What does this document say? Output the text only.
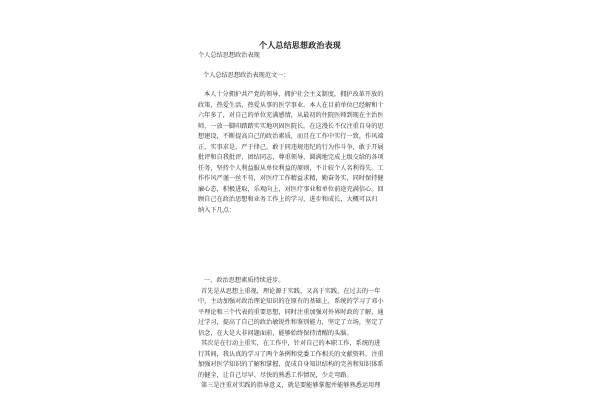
个人总结思想政治表现
个人总结思想政治表现
个人总结思想政治表现范文一：
本人十分拥护共产党的领导，拥护社会主义制度，拥护改革开放的
政策，热爱生活，热爱从事的医学事业。本人在目前单位已经解和十
六年多了，对自己的单位充满感情，从最初的住院医师到现在主治医
师，一放一脚印踏踏实实地巩固医院长。在这漫长不仅注重自身的思
想建设，不断提高自己的政治素质，而且在工作中实行一致，作风端
正，实事求是，严于律己，敢于同违规违纪的行为作斗争，敢于开展
批评和自我批评，团结同志，尊重领导，圆满地完成上级交给的各项
任务，坚持个人利益服从单位利益的原则，不计较个人名利得失。工
作作风严谨一丝不苟，对医疗工作精益求精，勤奋务实，同时保持健
廉心态，积极进取，乐观向上，对医疗事业和单位前途充满信心。回
顾自己在政治思想和业务工作上的学习，进步和成长，大概可以归
纳入下几点：
一、政治思想素质持续进步。
首先是从思想上重视，理论源于实践，又高于实践，在过去的一年
中，主动加强对政治理论知识的在原有的基础上，系统的学习了邓小
平理论和三个代表的重要思想，同时注重加强对外界时政的了解，通
过学习，提高了自己的政治敏锐性和鉴别能力，坚定了立场，坚定了
信念，在大是大非问题面前，能够始终保持清醒的头脑。
其次是在行动上重实，在工作中，针对自己的本职工作，系统的进
行其间，我认真的学习了两个条例和党委工作相关的文献资料，注重
加强对医学知识的了解和掌握，促成自身知识结构的完善和知识体系
的健全，让自己尽早、尽快的熟悉工作情况，少走弯路。
第三是注重对实践的指导意义，就是要能够掌握并能够熟悉运用理
